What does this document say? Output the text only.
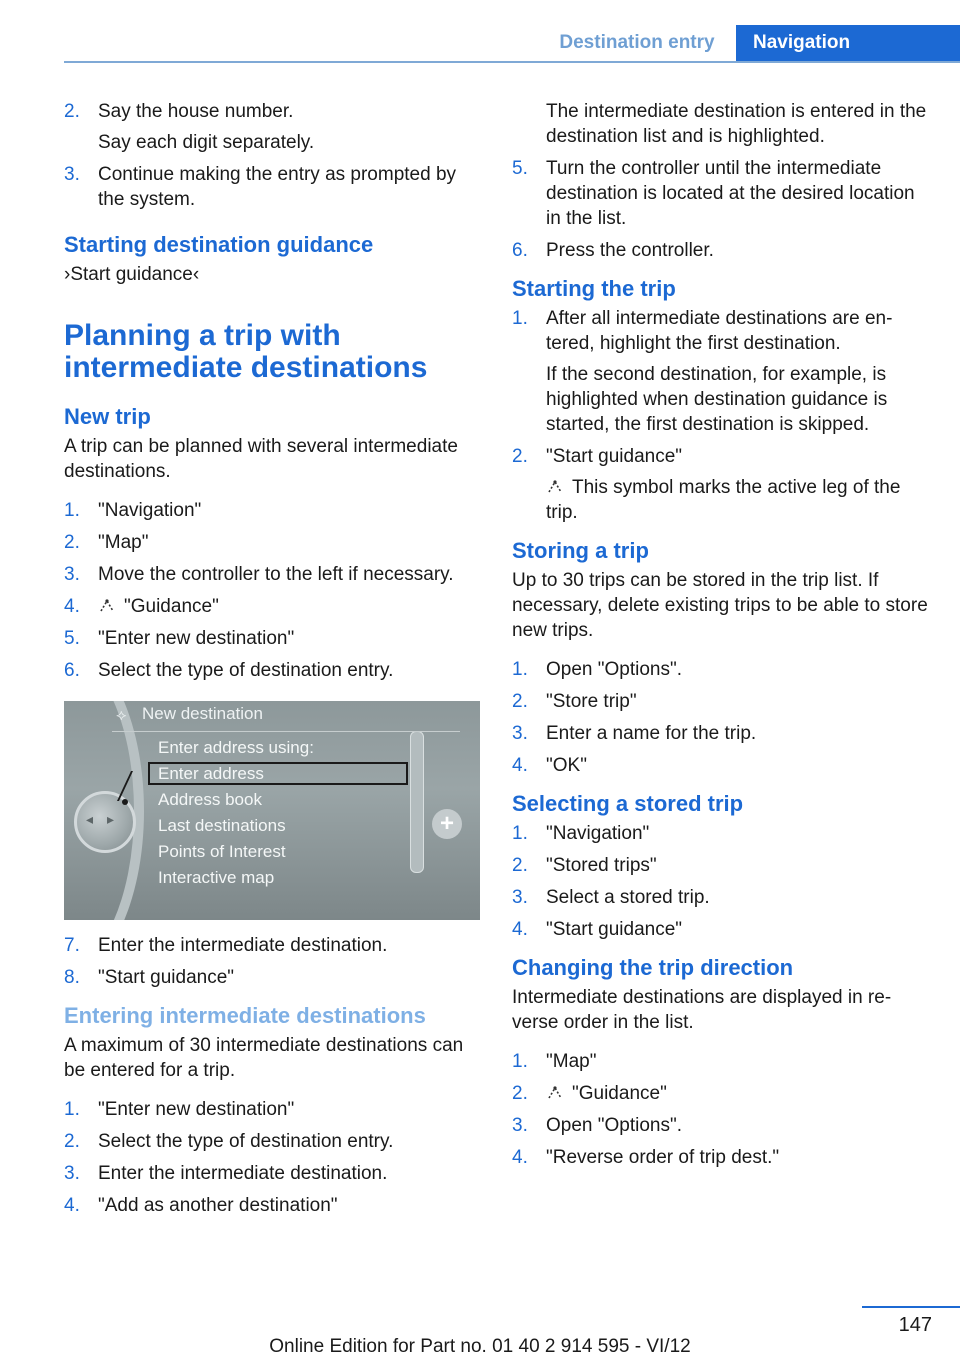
Destination entry	Navigation
2. Say the house number.
Say each digit separately.
3. Continue making the entry as prompted by the system.
Starting destination guidance

›Start guidance‹

Planning a trip with intermediate destinations
New trip

A trip can be planned with several intermediate destinations.

1. "Navigation"
2. "Map"
3. Move the controller to the left if necessary.
4. "Guidance"
5. "Enter new destination"
6. Select the type of destination entry.
◂▸	+
⟡ New destination
Enter address using:
Enter address
Address book
Last destinations
Points of Interest
Interactive map
7. Enter the intermediate destination.
8. "Start guidance"
Entering intermediate destinations

A maximum of 30 intermediate destinations can be entered for a trip.

1. "Enter new destination"
2. Select the type of destination entry.
3. Enter the intermediate destination.
4. "Add as another destination"

The intermediate destination is entered in the destination list and is highlighted.

5. Turn the controller until the intermediate destination is located at the desired location in the list.
6. Press the controller.
Starting the trip
1. After all intermediate destinations are en‐tered, highlight the first destination.
If the second destination, for example, is highlighted when destination guidance is started, the first destination is skipped.
2. "Start guidance"
This symbol marks the active leg of the trip.
Storing a trip

Up to 30 trips can be stored in the trip list. If necessary, delete existing trips to be able to store new trips.

1. Open "Options".
2. "Store trip"
3. Enter a name for the trip.
4. "OK"
Selecting a stored trip
1. "Navigation"
2. "Stored trips"
3. Select a stored trip.
4. "Start guidance"
Changing the trip direction

Intermediate destinations are displayed in re‐verse order in the list.

1. "Map"
2. "Guidance"
3. Open "Options".
4. "Reverse order of trip dest."
147
Online Edition for Part no. 01 40 2 914 595 - VI/12
